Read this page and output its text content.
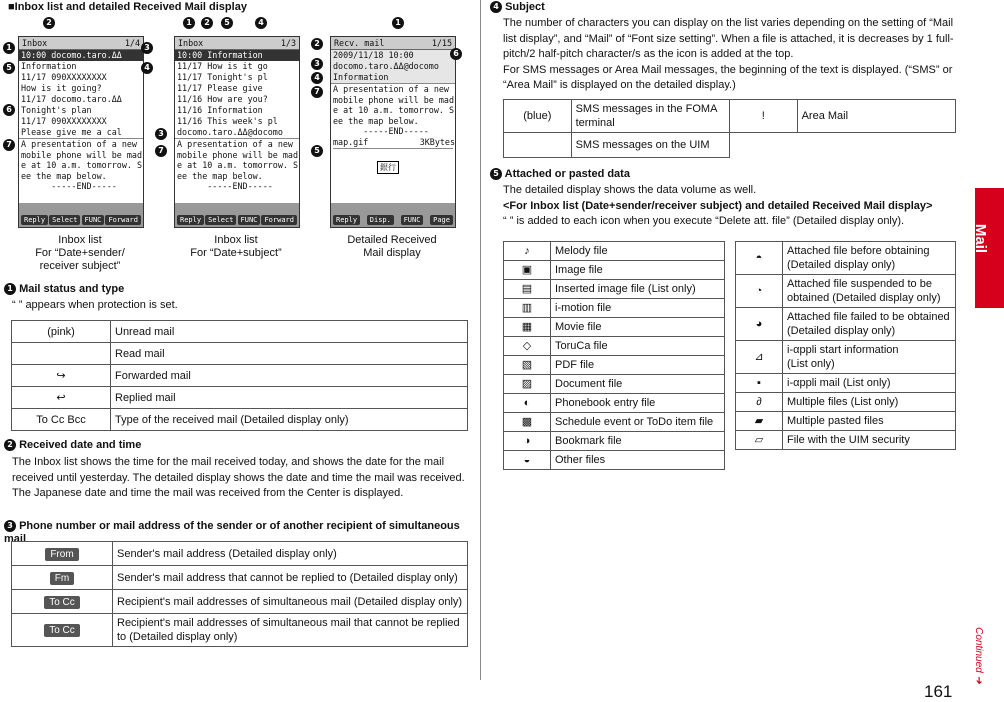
■Inbox list and detailed Received Mail display
Inbox	1/4
10:00 docomo.taro.ΔΔ
Information
11/17 090XXXXXXXX
How is it going?
11/17 docomo.taro.ΔΔ
Tonight's plan
11/17 090XXXXXXXX
Please give me a cal
A presentation of a new
mobile phone will be mad
e at 10 a.m. tomorrow. S
ee the map below.
-----END-----
Reply	Select	FUNC	Forward
Inbox list
For “Date+sender/
receiver subject”
Inbox	1/3
10:00 Information
11/17 How is it go
11/17 Tonight's pl
11/17 Please give
11/16 How are you?
11/16 Information
11/16 This week's pl
docomo.taro.ΔΔ@docomo
A presentation of a new
mobile phone will be mad
e at 10 a.m. tomorrow. S
ee the map below.
-----END-----
Reply	Select	FUNC	Forward
Inbox list
For “Date+subject”
Recv. mail	1/15
2009/11/18 10:00
docomo.taro.ΔΔ@docomo
Information
A presentation of a new
mobile phone will be mad
e at 10 a.m. tomorrow. S
ee the map below.
-----END-----
map.gif	3KBytes
銀行
Reply	Disp.	FUNC	Page
Detailed Received
Mail display
2
1
5
6
7
3
4
1	2	5	4
3
7
1
2
3
4
7
5
6
1 Mail status and type
“ ” appears when protection is set.
(pink)	Unread mail
	Read mail
↪	Forwarded mail
↩	Replied mail
To Cc Bcc	Type of the received mail (Detailed display only)
2 Received date and time
The Inbox list shows the time for the mail received today, and shows the date for the mail received until yesterday. The detailed display shows the date and time the mail was received. The Japanese date and time the mail was received from the Center is displayed.
3 Phone number or mail address of the sender or of another recipient of simultaneous mail
From	Sender's mail address (Detailed display only)
Fm	Sender's mail address that cannot be replied to (Detailed display only)
To Cc	Recipient's mail addresses of simultaneous mail (Detailed display only)
To Cc	Recipient's mail addresses of simultaneous mail that cannot be replied to (Detailed display only)
4 Subject
The number of characters you can display on the list varies depending on the setting of “Mail list display”, and “Mail” of “Font size setting”. When a file is attached, it is decreases by 1 full-pitch/2 half-pitch character/s as the icon is added at the top.
For SMS messages or Area Mail messages, the beginning of the text is displayed. (“SMS” or “Area Mail” is displayed on the detailed display.)
(blue)	SMS messages in the FOMA terminal	!	Area Mail
	SMS messages on the UIM		
5 Attached or pasted data
The detailed display shows the data volume as well.
<For Inbox list (Date+sender/receiver subject) and detailed Received Mail display>
“ ” is added to each icon when you execute “Delete att. file” (Detailed display only).
♪	Melody file
▣	Image file
▤	Inserted image file (List only)
▥	i-motion file
▦	Movie file
◇	ToruCa file
▧	PDF file
▨	Document file
◐	Phonebook entry file
▩	Schedule event or ToDo item file
◑	Bookmark file
◒	Other files
◓	Attached file before obtaining (Detailed display only)
◔	Attached file suspended to be obtained (Detailed display only)
◕	Attached file failed to be obtained (Detailed display only)
⊿	i-αppli start information
(List only)
▪	i-αppli mail (List only)
∂	Multiple files (List only)
▰	Multiple pasted files
▱	File with the UIM security
Mail
Continued ➜
161
